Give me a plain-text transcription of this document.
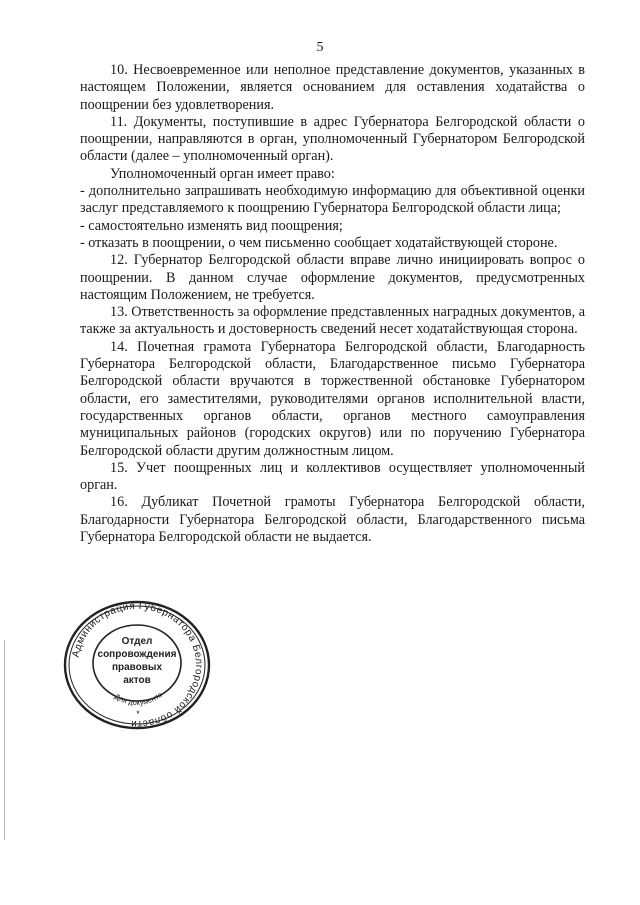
5

10. Несвоевременное или неполное представление документов, указанных в настоящем Положении, является основанием для оставления ходатайства о поощрении без удовлетворения.

11. Документы, поступившие в адрес Губернатора Белгородской области о поощрении, направляются в орган, уполномоченный Губернатором Белгородской области (далее – уполномоченный орган).

Уполномоченный орган имеет право:

- дополнительно запрашивать необходимую информацию для объективной оценки заслуг представляемого к поощрению Губернатора Белгородской области лица;

- самостоятельно изменять вид поощрения;

- отказать в поощрении, о чем письменно сообщает ходатайствующей стороне.

12. Губернатор Белгородской области вправе лично инициировать вопрос о поощрении. В данном случае оформление документов, предусмотренных настоящим Положением, не требуется.

13. Ответственность за оформление представленных наградных документов, а также за актуальность и достоверность сведений несет ходатайствующая сторона.

14. Почетная грамота Губернатора Белгородской области, Благодарность Губернатора Белгородской области, Благодарственное письмо Губернатора Белгородской области вручаются в торжественной обстановке Губернатором области, его заместителями, руководителями органов исполнительной власти, государственных органов области, органов местного самоуправления муниципальных районов (городских округов) или по поручению Губернатора Белгородской области другим должностным лицом.

15. Учет поощренных лиц и коллективов осуществляет уполномоченный орган.

16. Дубликат Почетной грамоты Губернатора Белгородской области, Благодарности Губернатора Белгородской области, Благодарственного письма Губернатора Белгородской области не выдается.

Администрация Губернатора Белгородской области
Для документо
Отдел
сопровождения
правовых
актов
*
